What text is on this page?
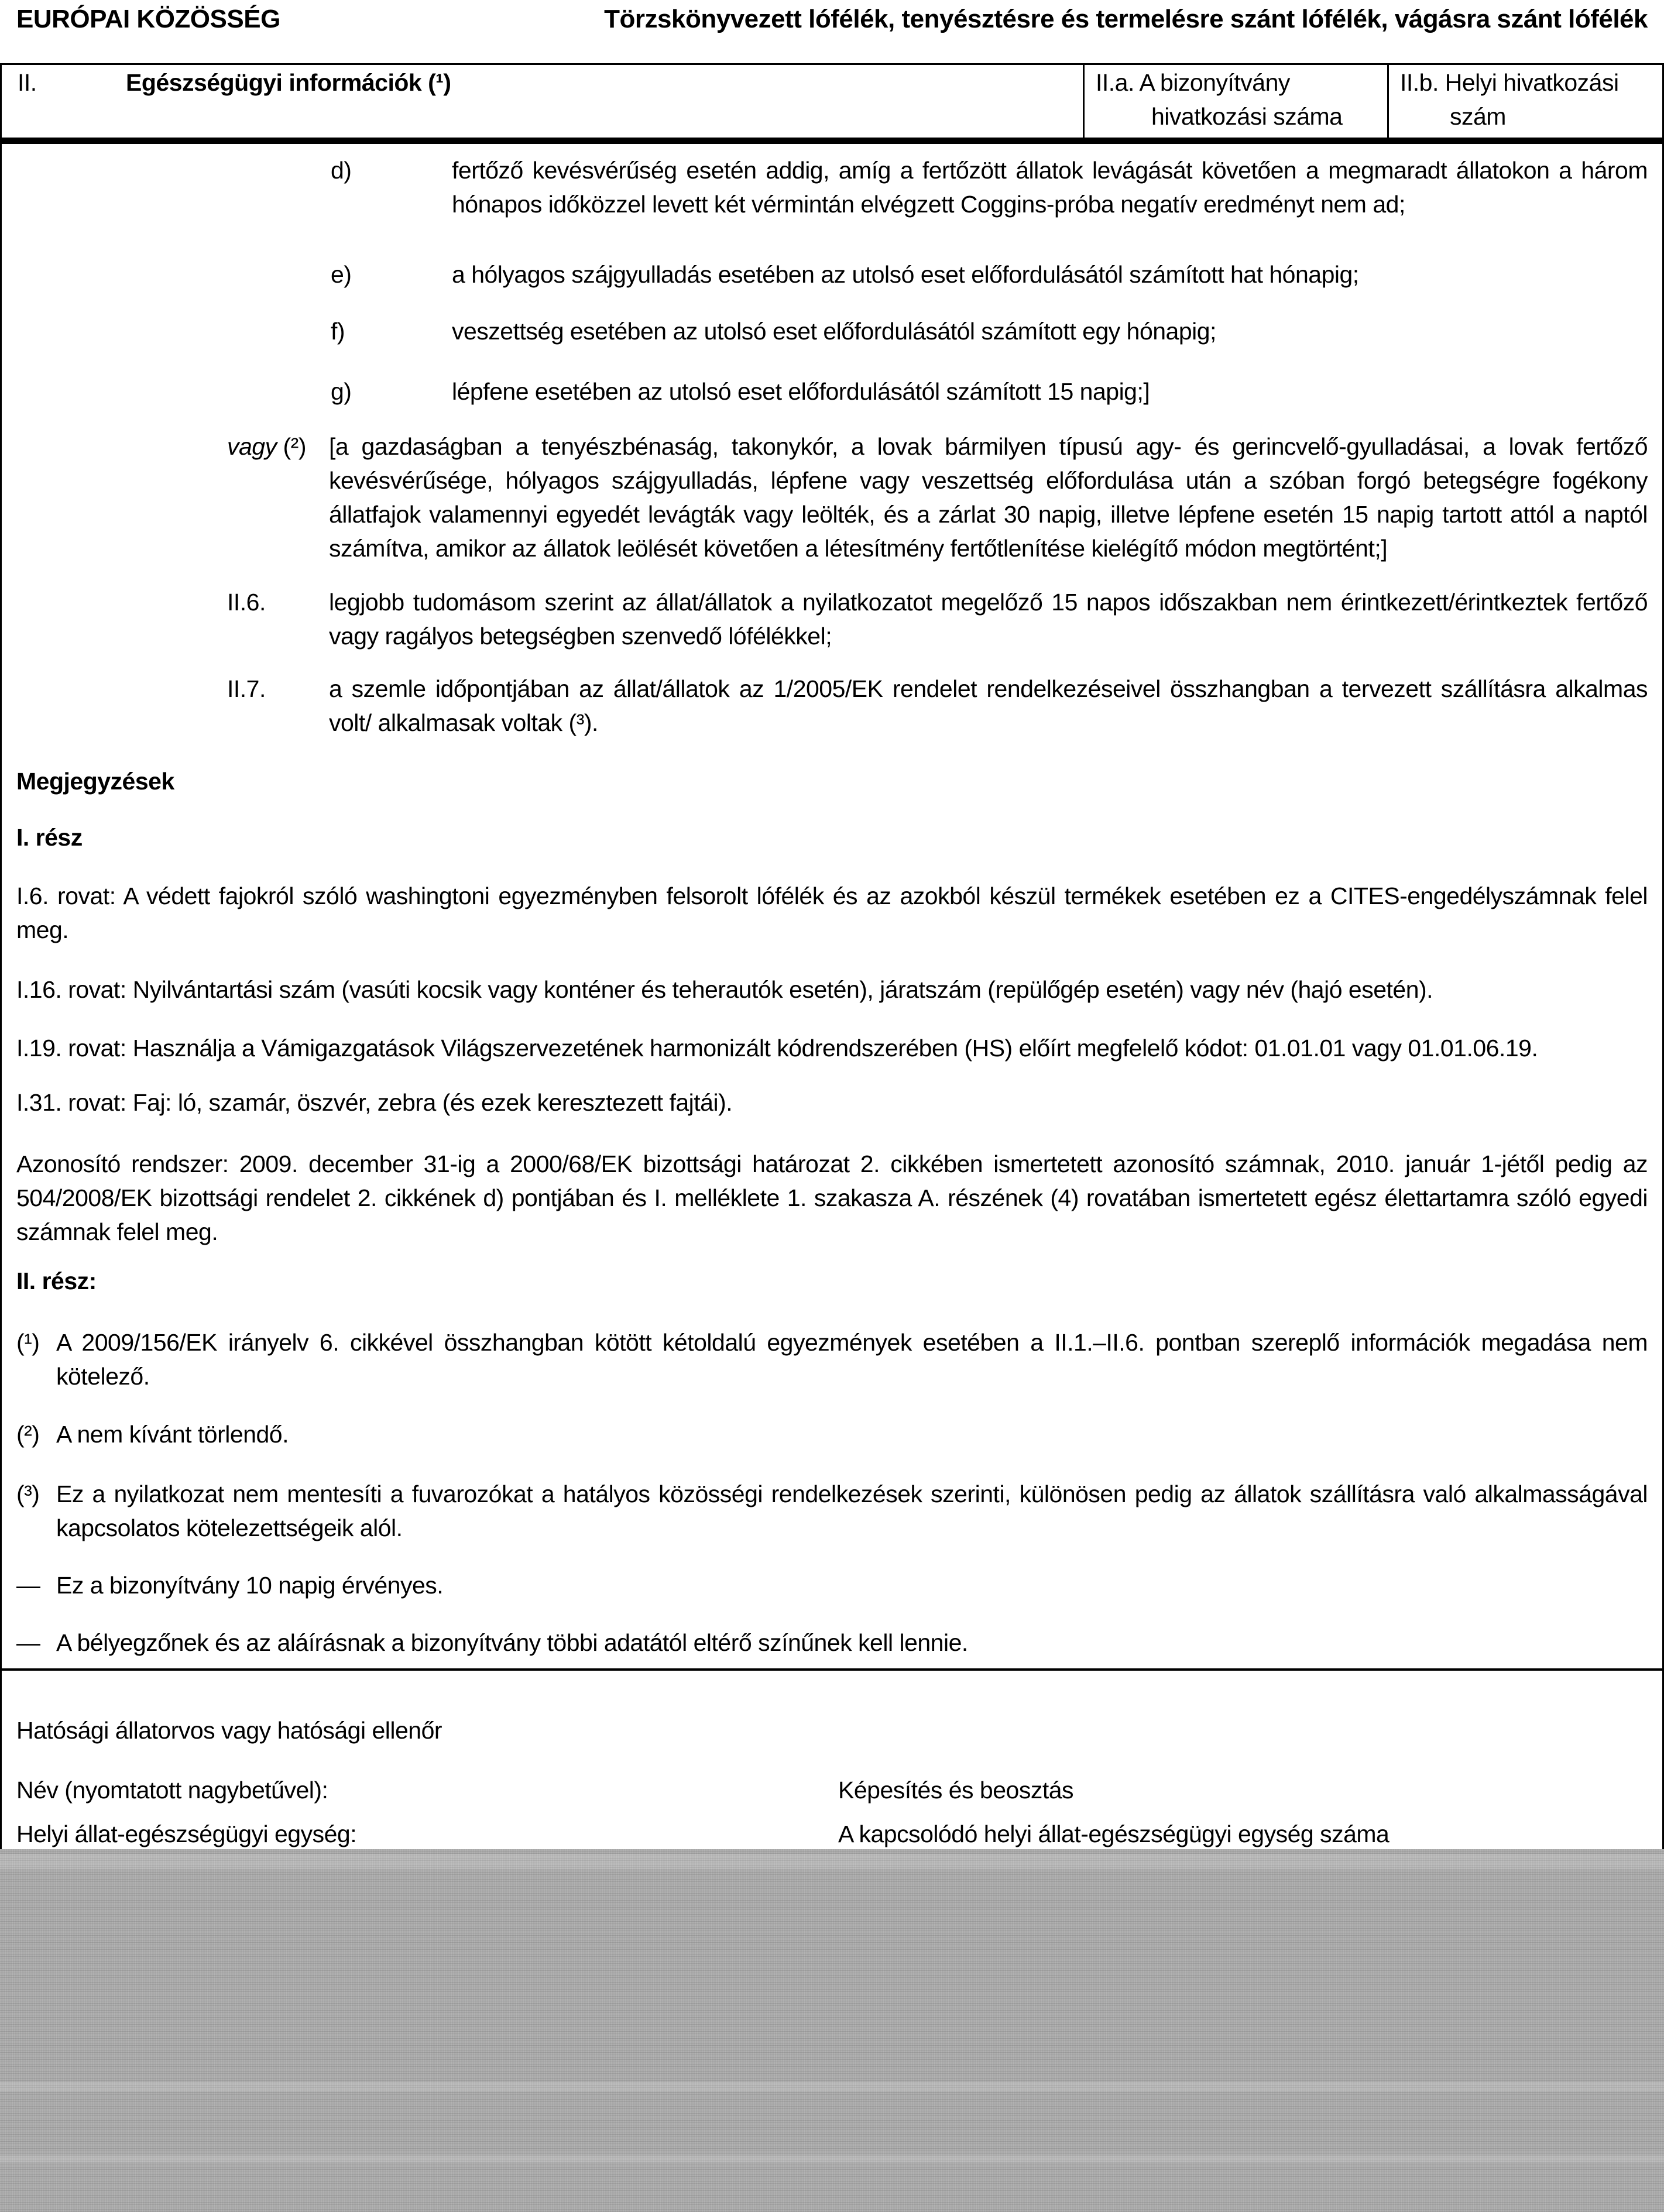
EURÓPAI KÖZÖSSÉG	Törzskönyvezett lófélék, tenyésztésre és termelésre szánt lófélék, vágásra szánt lófélék
II.	Egészségügyi információk (¹)	II.a. A bizonyítvány
hivatkozási száma
II.b. Helyi hivatkozási
szám
d)	fertőző kevésvérűség esetén addig, amíg a fertőzött állatok levágását követően a megmaradt állatokon a három hónapos időközzel levett két vérmintán elvégzett Coggins-próba negatív eredményt nem ad;
e)	a hólyagos szájgyulladás esetében az utolsó eset előfordulásától számított hat hónapig;
f)	veszettség esetében az utolsó eset előfordulásától számított egy hónapig;
g)	lépfene esetében az utolsó eset előfordulásától számított 15 napig;]
vagy (²) [a gazdaságban a tenyészbénaság, takonykór, a lovak bármilyen típusú agy- és gerincvelő-gyulladásai, a lovak fertőző kevésvérűsége, hólyagos szájgyulladás, lépfene vagy veszettség előfordulása után a szóban forgó betegségre fogékony állatfajok valamennyi egyedét levágták vagy leölték, és a zárlat 30 napig, illetve lépfene esetén 15 napig tartott attól a naptól számítva, amikor az állatok leölését követően a létesítmény fertőtlenítése kielégítő módon megtörtént;]
II.6.	legjobb tudomásom szerint az állat/állatok a nyilatkozatot megelőző 15 napos időszakban nem érintkezett/érintkeztek fertőző vagy ragályos betegségben szenvedő lófélékkel;
II.7.	a szemle időpontjában az állat/állatok az 1/2005/EK rendelet rendelkezéseivel összhangban a tervezett szállításra alkalmas volt/ alkalmasak voltak (³).
Megjegyzések
I. rész
I.6. rovat: A védett fajokról szóló washingtoni egyezményben felsorolt lófélék és az azokból készül termékek esetében ez a CITES-engedélyszámnak felel meg.
I.16. rovat: Nyilvántartási szám (vasúti kocsik vagy konténer és teherautók esetén), járatszám (repülőgép esetén) vagy név (hajó esetén).
I.19. rovat: Használja a Vámigazgatások Világszervezetének harmonizált kódrendszerében (HS) előírt megfelelő kódot: 01.01.01 vagy 01.01.06.19.
I.31. rovat: Faj: ló, szamár, öszvér, zebra (és ezek keresztezett fajtái).
Azonosító rendszer: 2009. december 31-ig a 2000/68/EK bizottsági határozat 2. cikkében ismertetett azonosító számnak, 2010. január 1-jétől pedig az 504/2008/EK bizottsági rendelet 2. cikkének d) pontjában és I. melléklete 1. szakasza A. részének (4) rovatában ismertetett egész élettartamra szóló egyedi számnak felel meg.
II. rész:
(¹) A 2009/156/EK irányelv 6. cikkével összhangban kötött kétoldalú egyezmények esetében a II.1.–II.6. pontban szereplő információk megadása nem kötelező.
(²) A nem kívánt törlendő.
(³) Ez a nyilatkozat nem mentesíti a fuvarozókat a hatályos közösségi rendelkezések szerinti, különösen pedig az állatok szállításra való alkalmasságával kapcsolatos kötelezettségeik alól.
— Ez a bizonyítvány 10 napig érvényes.
— A bélyegzőnek és az aláírásnak a bizonyítvány többi adatától eltérő színűnek kell lennie.
Hatósági állatorvos vagy hatósági ellenőr
Név (nyomtatott nagybetűvel):	Képesítés és beosztás
Helyi állat-egészségügyi egység:	A kapcsolódó helyi állat-egészségügyi egység száma
